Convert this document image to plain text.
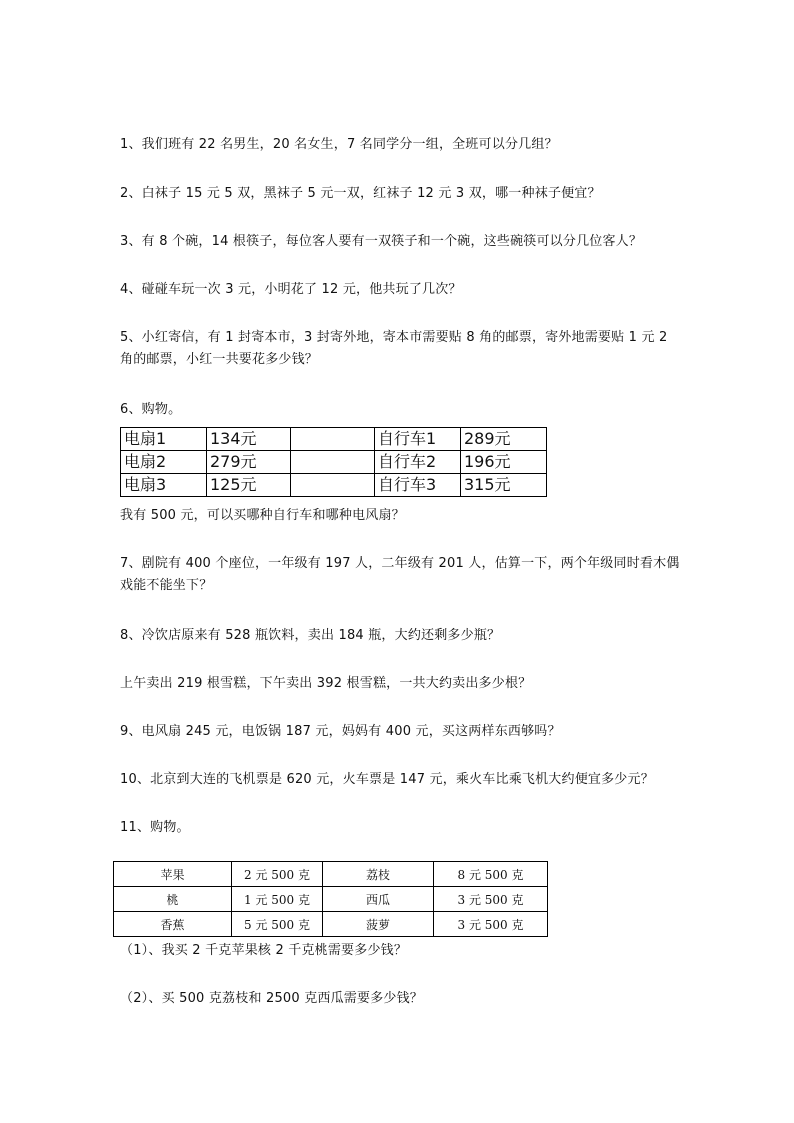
1、我们班有 22 名男生，20 名女生，7 名同学分一组，全班可以分几组？
2、白袜子 15 元 5 双，黑袜子 5 元一双，红袜子 12 元 3 双，哪一种袜子便宜？
3、有 8 个碗，14 根筷子，每位客人要有一双筷子和一个碗，这些碗筷可以分几位客人？
4、碰碰车玩一次 3 元，小明花了 12 元，他共玩了几次？
5、小红寄信，有 1 封寄本市，3 封寄外地，寄本市需要贴 8 角的邮票，寄外地需要贴 1 元 2 角的邮票，小红一共要花多少钱？
6、购物。
电扇1	134元		自行车1	289元
电扇2	279元		自行车2	196元
电扇3	125元		自行车3	315元
我有 500 元，可以买哪种自行车和哪种电风扇？
7、剧院有 400 个座位，一年级有 197 人，二年级有 201 人，估算一下，两个年级同时看木偶戏能不能坐下？
8、冷饮店原来有 528 瓶饮料，卖出 184 瓶，大约还剩多少瓶？
上午卖出 219 根雪糕，下午卖出 392 根雪糕，一共大约卖出多少根？
9、电风扇 245 元，电饭锅 187 元，妈妈有 400 元，买这两样东西够吗？
10、北京到大连的飞机票是 620 元，火车票是 147 元，乘火车比乘飞机大约便宜多少元？
11、购物。
苹果	2 元 500 克	荔枝	8 元 500 克
桃	1 元 500 克	西瓜	3 元 500 克
香蕉	5 元 500 克	菠萝	3 元 500 克
（1）、我买 2 千克苹果核 2 千克桃需要多少钱？
（2）、买 500 克荔枝和 2500 克西瓜需要多少钱？
